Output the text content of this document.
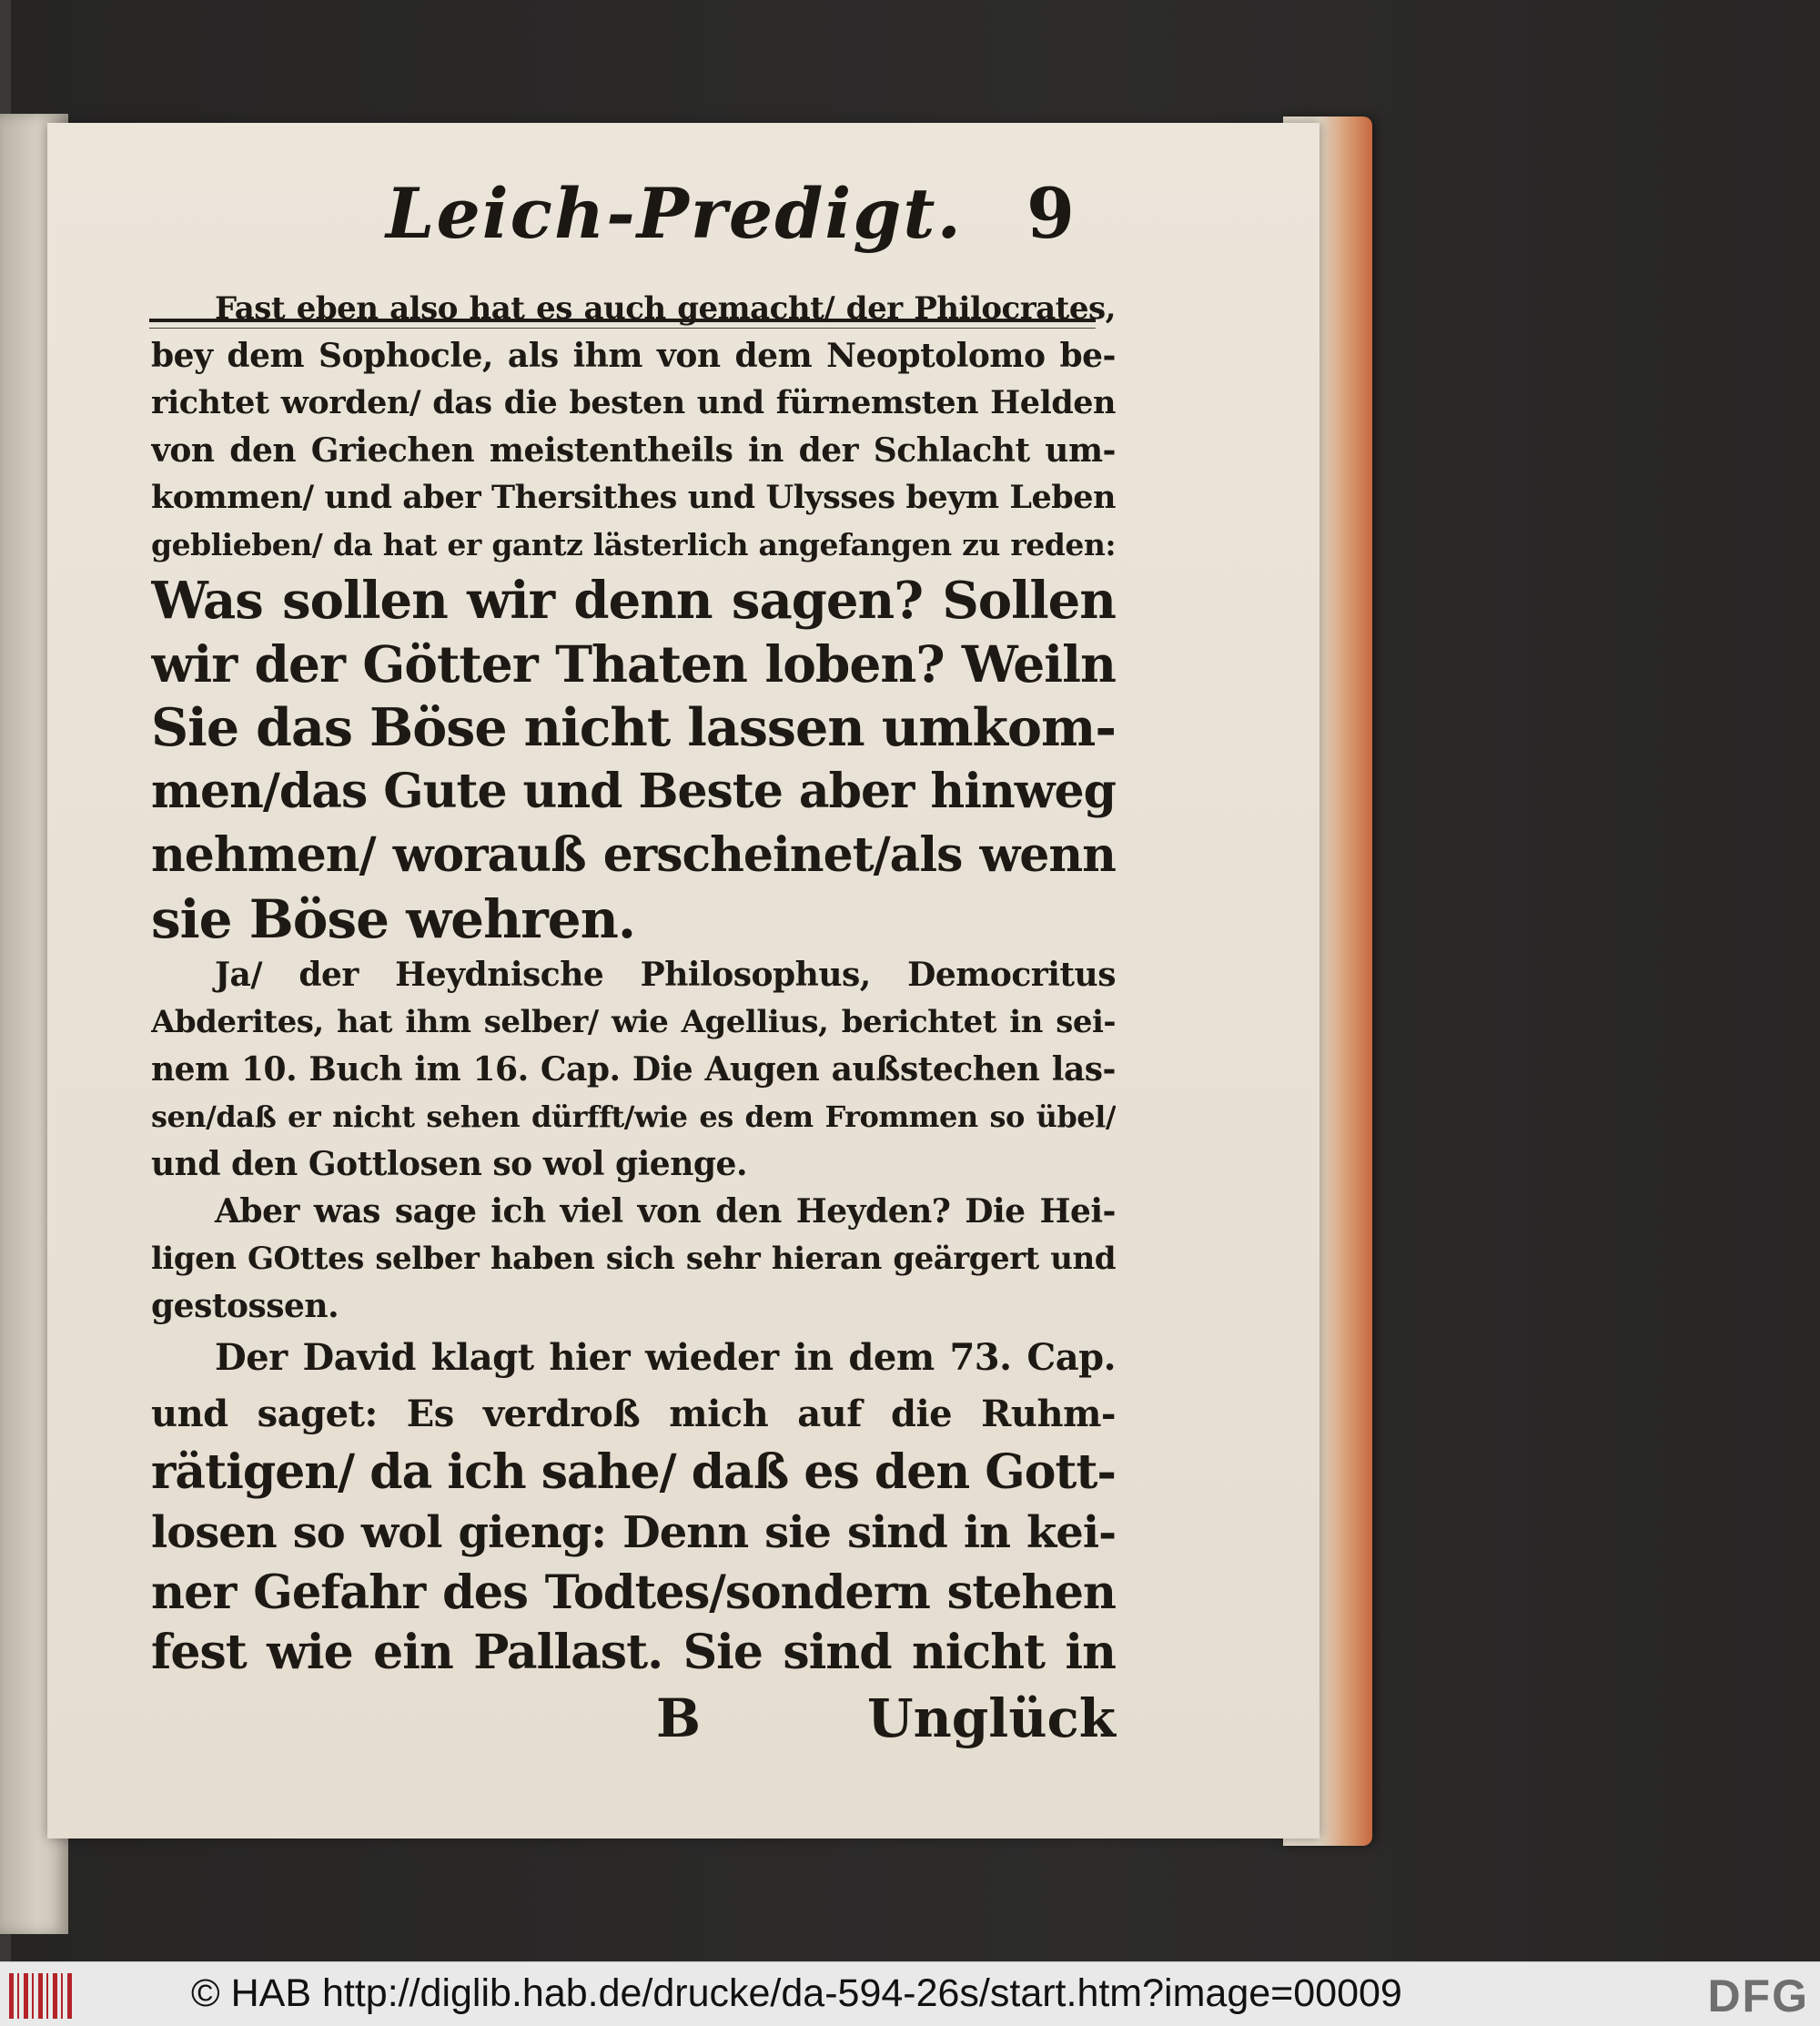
Leich-Predigt. 9
Fast eben also hat es auch gemacht/ der Philocrates,
bey dem Sophocle, als ihm von dem Neoptolomo be-
richtet worden/ das die besten und fürnemsten Helden
von den Griechen meistentheils in der Schlacht um-
kommen/ und aber Thersithes und Ulysses beym Leben
geblieben/ da hat er gantz lästerlich angefangen zu reden:
Was sollen wir denn sagen? Sollen
wir der Götter Thaten loben? Weiln
Sie das Böse nicht lassen umkom-
men/das Gute und Beste aber hinweg
nehmen/ worauß erscheinet/als wenn
sie Böse wehren.
Ja/ der Heydnische Philosophus, Democritus
Abderites, hat ihm selber/ wie Agellius, berichtet in sei-
nem 10. Buch im 16. Cap. Die Augen außstechen las-
sen/daß er nicht sehen dürfft/wie es dem Frommen so übel/
und den Gottlosen so wol gienge.
Aber was sage ich viel von den Heyden? Die Hei-
ligen GOttes selber haben sich sehr hieran geärgert und
gestossen.
Der David klagt hier wieder in dem 73. Cap.
und saget: Es verdroß mich auf die Ruhm-
rätigen/ da ich sahe/ daß es den Gott-
losen so wol gieng: Denn sie sind in kei-
ner Gefahr des Todtes/sondern stehen
fest wie ein Pallast. Sie sind nicht in
B	Unglück
© HAB http://diglib.hab.de/drucke/da-594-26s/start.htm?image=00009	DFG
